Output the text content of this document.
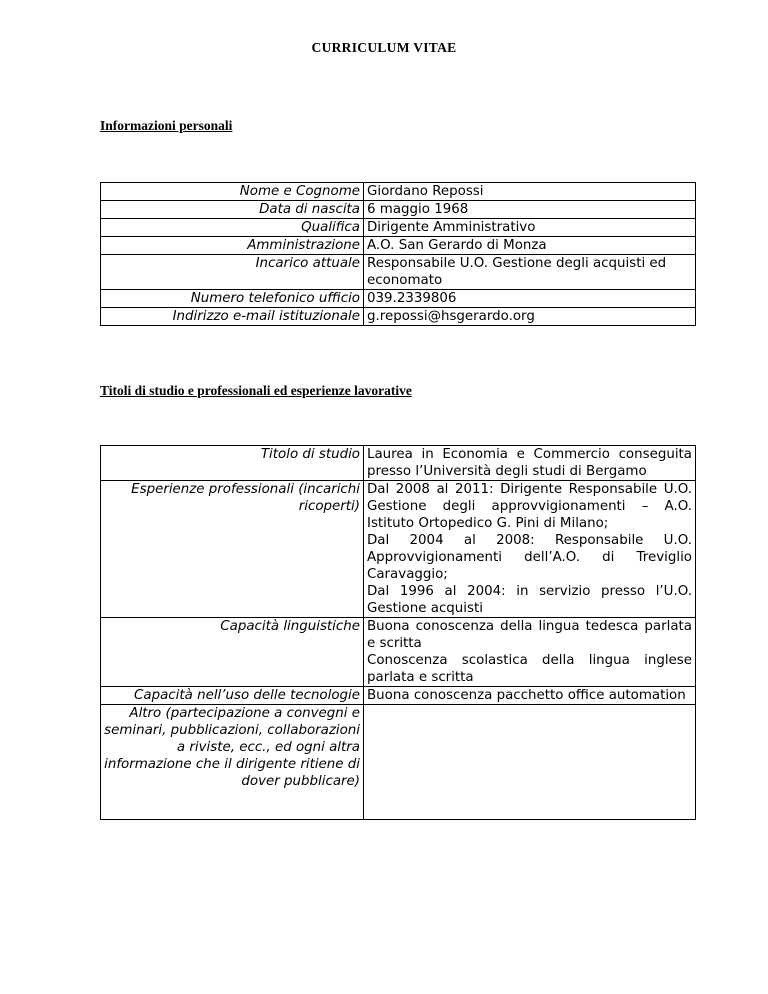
CURRICULUM VITAE
Informazioni personali
Nome e Cognome	Giordano Repossi
Data di nascita	6 maggio 1968
Qualifica	Dirigente Amministrativo
Amministrazione	A.O. San Gerardo di Monza
Incarico attuale	Responsabile U.O. Gestione degli acquisti ed economato
Numero telefonico ufficio	039.2339806
Indirizzo e-mail istituzionale	g.repossi@hsgerardo.org
Titoli di studio e professionali ed esperienze lavorative
Titolo di studio	Laurea in Economia e Commercio conseguita presso l’Università degli studi di Bergamo
Esperienze professionali (incarichi ricoperti)	Dal 2008 al 2011: Dirigente Responsabile U.O. Gestione degli approvvigionamenti – A.O. Istituto Ortopedico G. Pini di Milano;
Dal 2004 al 2008: Responsabile U.O. Approvvigionamenti dell’A.O. di Treviglio Caravaggio;
Dal 1996 al 2004: in servizio presso l’U.O. Gestione acquisti

Capacità linguistiche	Buona conoscenza della lingua tedesca parlata e scritta
Conoscenza scolastica della lingua inglese parlata e scritta

Capacità nell’uso delle tecnologie	Buona conoscenza pacchetto office automation
Altro (partecipazione a convegni e seminari, pubblicazioni, collaborazioni a riviste, ecc., ed ogni altra informazione che il dirigente ritiene di dover pubblicare)	
